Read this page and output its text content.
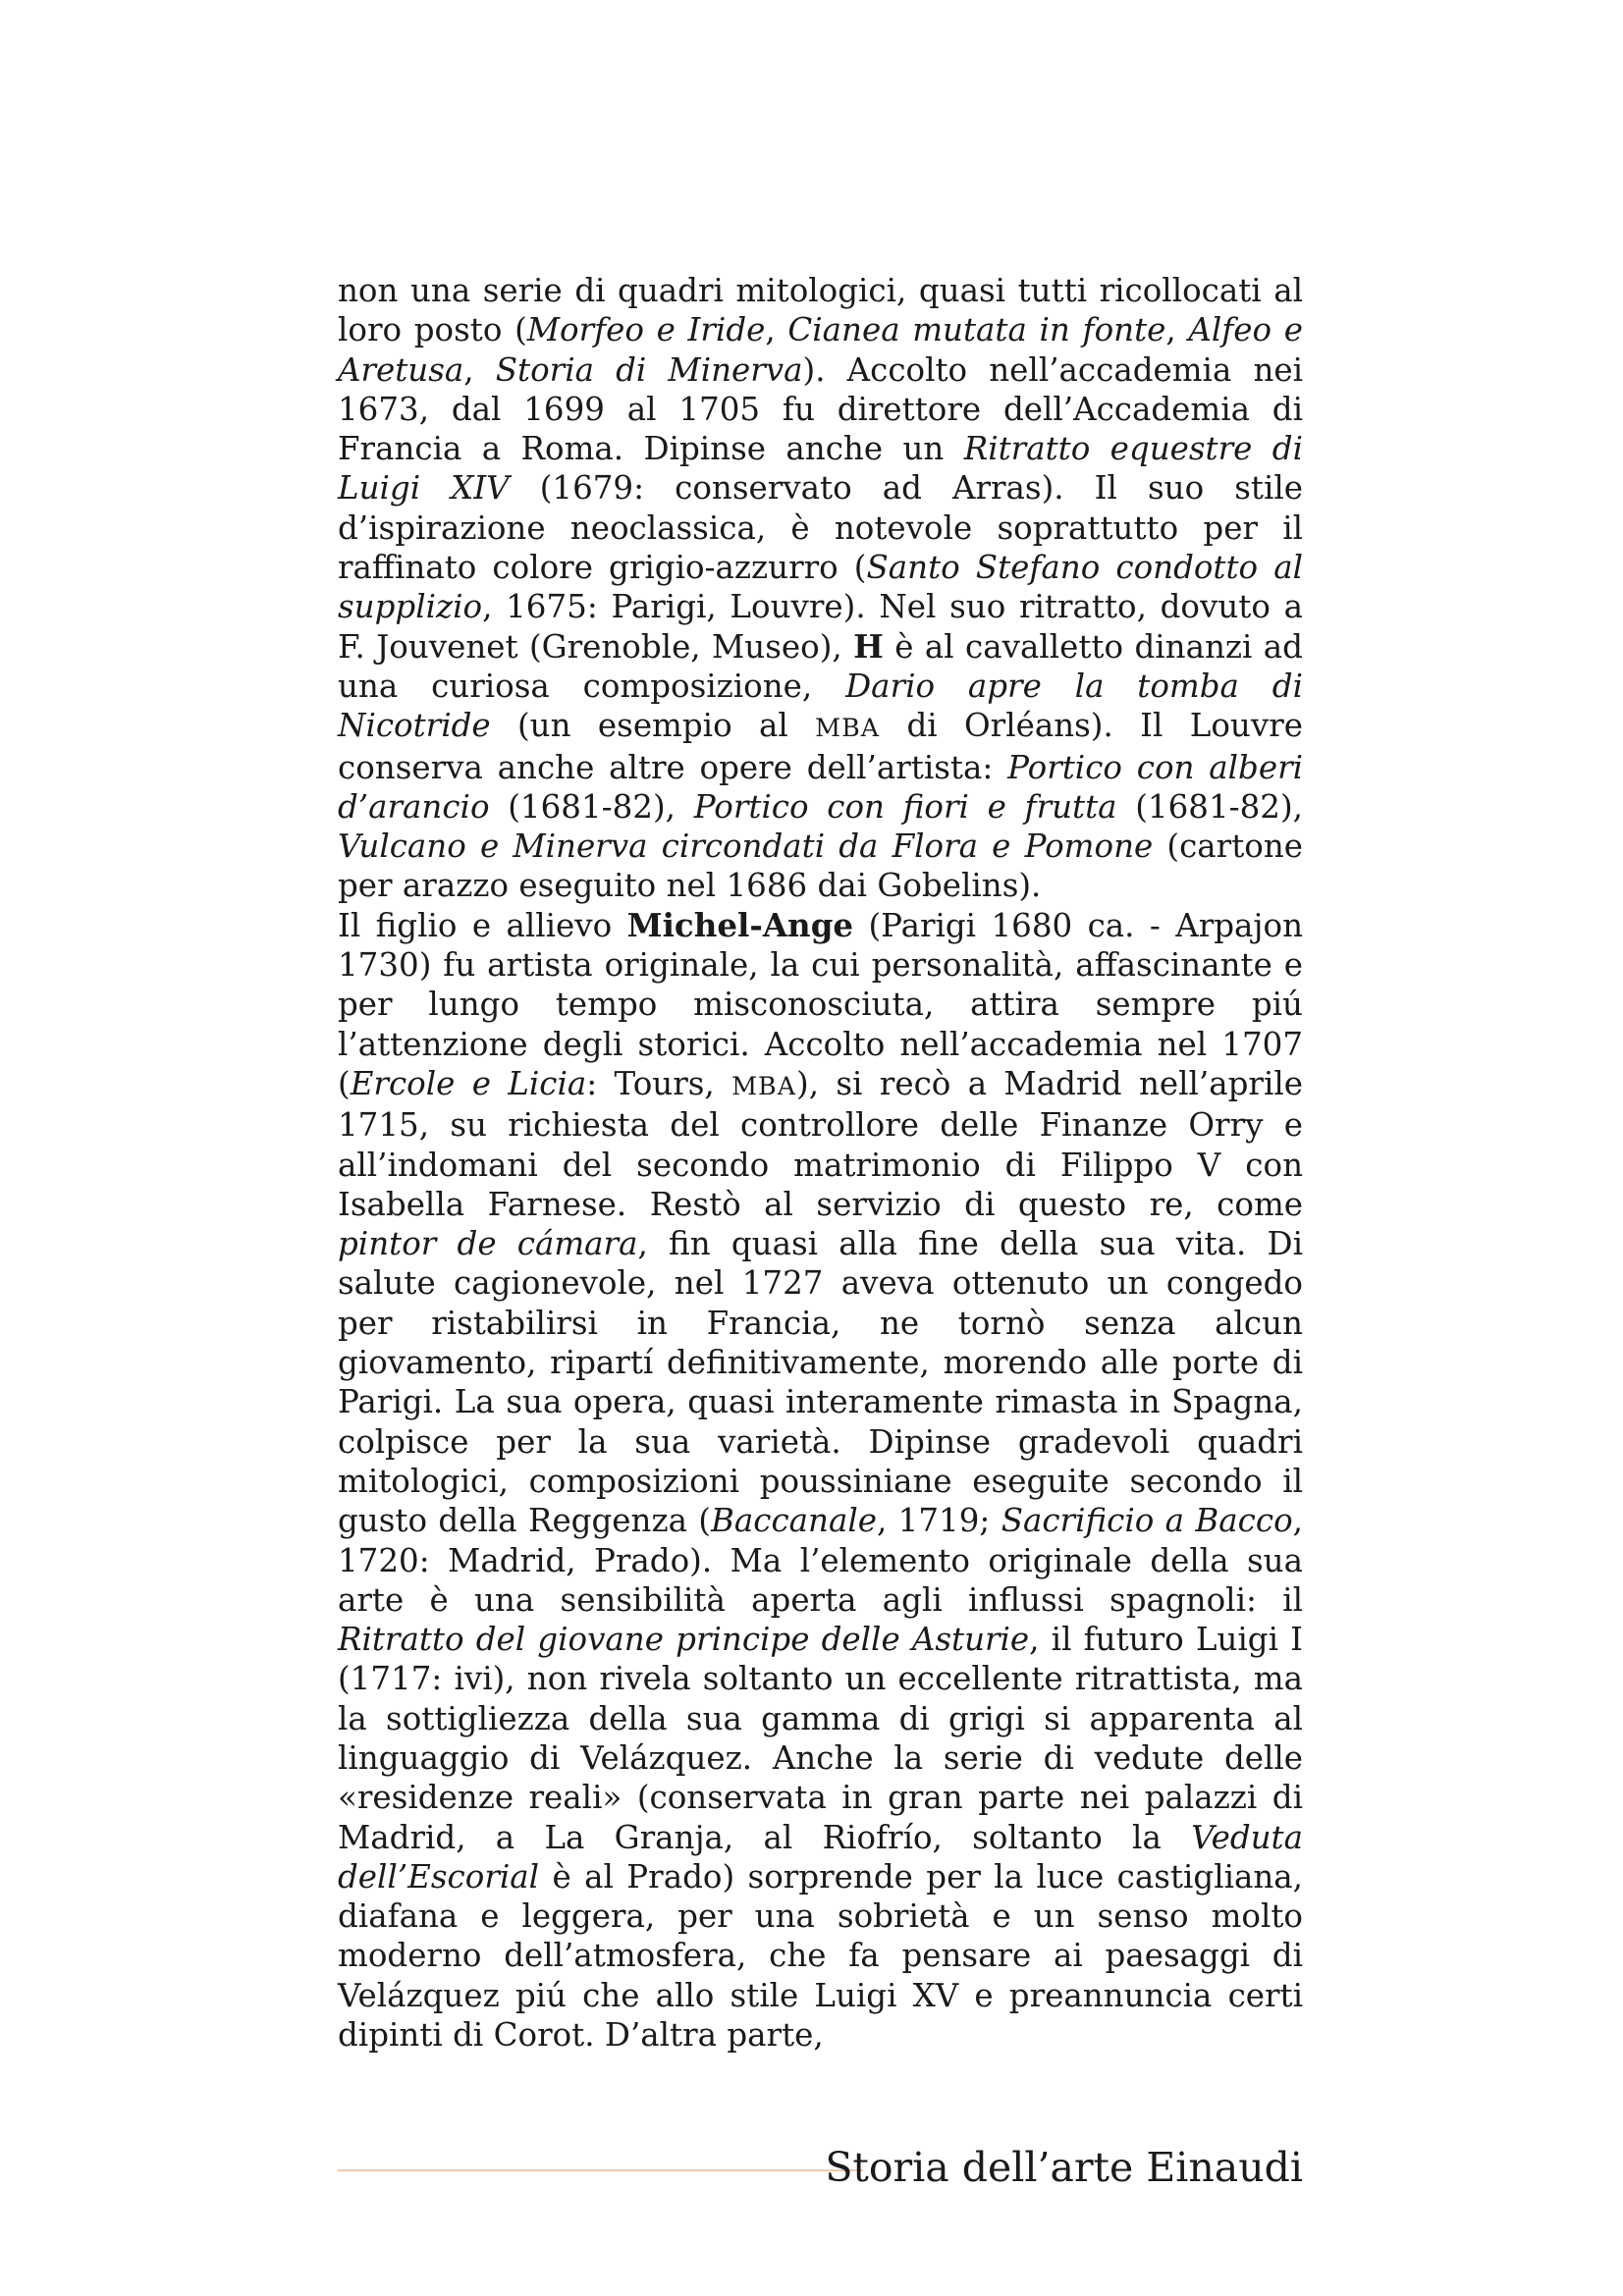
non una serie di quadri mitologici, quasi tutti ricollocati al loro posto (Morfeo e Iride, Cianea mutata in fonte, Alfeo e Aretusa, Storia di Minerva). Accolto nell’accademia nei 1673, dal 1699 al 1705 fu direttore dell’Accademia di Francia a Roma. Dipinse anche un Ritratto equestre di Luigi XIV (1679: conservato ad Arras). Il suo stile d’ispirazione neoclassica, è notevole soprattutto per il raffinato colore grigio-azzurro (Santo Stefano condotto al supplizio, 1675: Parigi, Louvre). Nel suo ritratto, dovuto a F. Jouvenet (Grenoble, Museo), H è al cavalletto dinanzi ad una curiosa composizione, Dario apre la tomba di Nicotride (un esempio al MBA di Orléans). Il Louvre conserva anche altre opere dell’artista: Portico con alberi d’arancio (1681-82), Portico con fiori e frutta (1681-82), Vulcano e Minerva circondati da Flora e Pomone (cartone per arazzo eseguito nel 1686 dai Gobelins).

Il figlio e allievo Michel-Ange (Parigi 1680 ca. - Arpajon 1730) fu artista originale, la cui personalità, affascinante e per lungo tempo misconosciuta, attira sempre piú l’attenzione degli storici. Accolto nell’accademia nel 1707 (Ercole e Licia: Tours, MBA), si recò a Madrid nell’aprile 1715, su richiesta del controllore delle Finanze Orry e all’indomani del secondo matrimonio di Filippo V con Isabella Farnese. Restò al servizio di questo re, come pintor de cámara, fin quasi alla fine della sua vita. Di salute cagionevole, nel 1727 aveva ottenuto un congedo per ristabilirsi in Francia, ne tornò senza alcun giovamento, ripartí definitivamente, morendo alle porte di Parigi. La sua opera, quasi interamente rimasta in Spagna, colpisce per la sua varietà. Dipinse gradevoli quadri mitologici, composizioni poussiniane eseguite secondo il gusto della Reggenza (Baccanale, 1719; Sacrificio a Bacco, 1720: Madrid, Prado). Ma l’elemento originale della sua arte è una sensibilità aperta agli influssi spagnoli: il Ritratto del giovane principe delle Asturie, il futuro Luigi I (1717: ivi), non rivela soltanto un eccellente ritrattista, ma la sottigliezza della sua gamma di grigi si apparenta al linguaggio di Velázquez. Anche la serie di vedute delle «residenze reali» (conservata in gran parte nei palazzi di Madrid, a La Granja, al Riofrío, soltanto la Veduta dell’Escorial è al Prado) sorprende per la luce castigliana, diafana e leggera, per una sobrietà e un senso molto moderno dell’atmosfera, che fa pensare ai paesaggi di Velázquez piú che allo stile Luigi XV e preannuncia certi dipinti di Corot. D’altra parte,

Storia dell’arte Einaudi
